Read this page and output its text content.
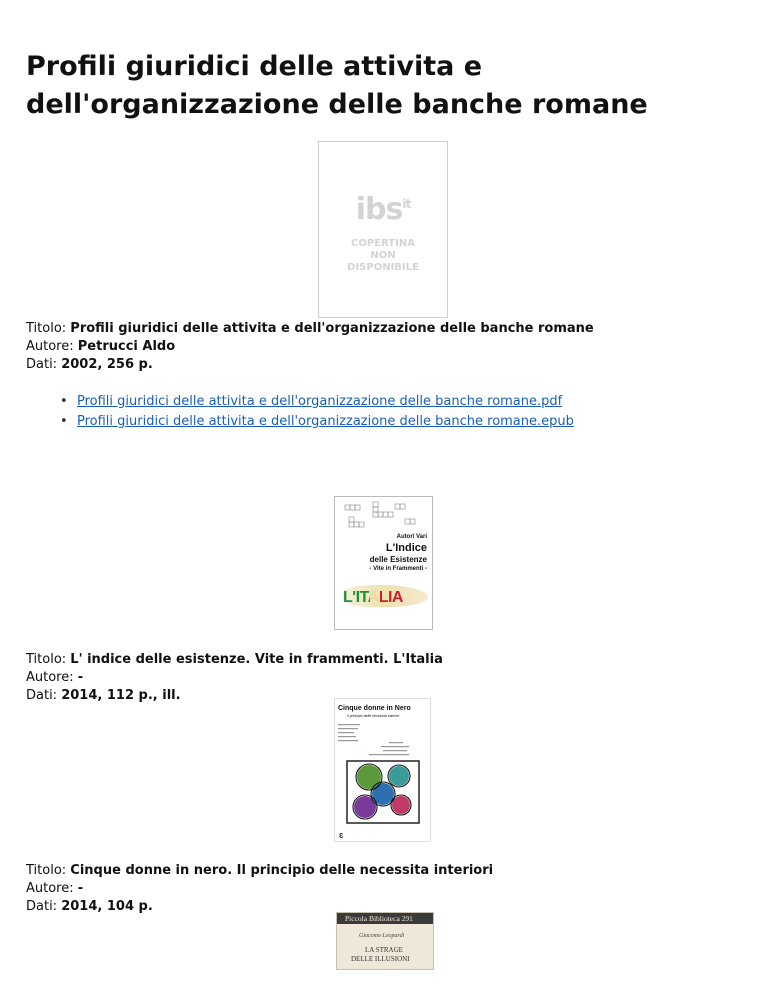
Profili giuridici delle attivita e dell'organizzazione delle banche romane
ibs$^{it}$
COPERTINA NON DISPONIBILE
Titolo: Profili giuridici delle attivita e dell'organizzazione delle banche romane
Autore: Petrucci Aldo
Dati: 2002, 256 p.
• Profili giuridici delle attivita e dell'organizzazione delle banche romane.pdf
• Profili giuridici delle attivita e dell'organizzazione delle banche romane.epub
Autori Vari
L'Indice
delle Esistenze
- Vite in Frammenti -
L'ITALIA
Titolo: L' indice delle esistenze. Vite in frammenti. L'Italia
Autore: -
Dati: 2014, 112 p., ill.
Cinque donne in Nero
Il principio delle necessità interiori
ɛ
Titolo: Cinque donne in nero. Il principio delle necessita interiori
Autore: -
Dati: 2014, 104 p.
Piccola Biblioteca 291
Giacomo Leopardi
LA STRAGE
DELLE ILLUSIONI
